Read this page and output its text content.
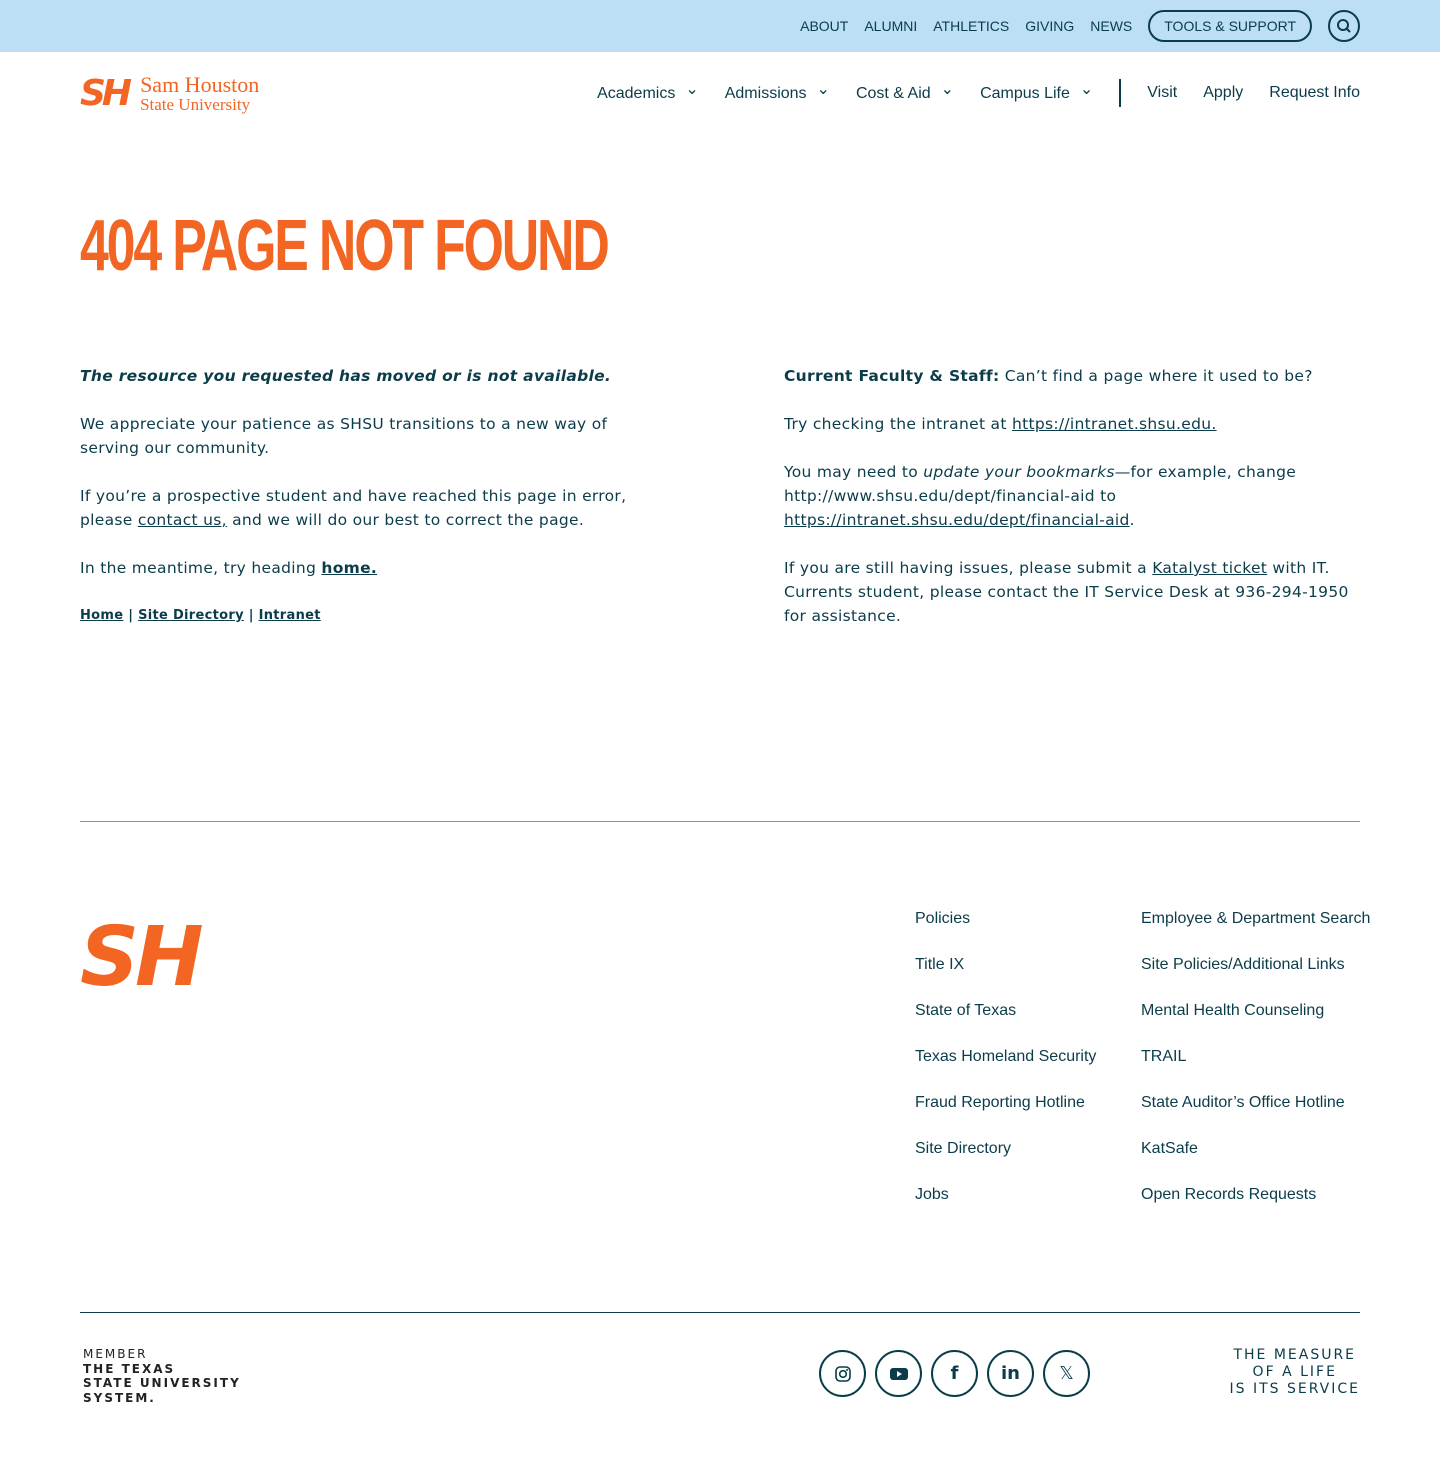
ABOUT ALUMNI ATHLETICS GIVING NEWS	TOOLS & SUPPORT
SH Sam Houston
State University
Academics ⌄	Admissions ⌄	Cost & Aid ⌄	Campus Life ⌄	Visit Apply Request Info
404 PAGE NOT FOUND

The resource you requested has moved or is not available.

We appreciate your patience as SHSU transitions to a new way of serving our community.

If you’re a prospective student and have reached this page in error, please contact us, and we will do our best to correct the page.

In the meantime, try heading home.

Home | Site Directory | Intranet

Current Faculty & Staff: Can’t find a page where it used to be?

Try checking the intranet at https://intranet.shsu.edu.

You may need to update your bookmarks—for example, change http://www.shsu.edu/dept/financial-aid to https://intranet.shsu.edu/dept/financial-aid.

If you are still having issues, please submit a Katalyst ticket with IT. Currents student, please contact the IT Service Desk at 936-294-1950 for assistance.

SH	Policies
Title IX
State of Texas
Texas Homeland Security
Fraud Reporting Hotline
Site Directory
Jobs
Employee & Department Search
Site Policies/Additional Links
Mental Health Counseling
TRAIL
State Auditor’s Office Hotline
KatSafe
Open Records Requests
MEMBER
THE TEXAS
STATE UNIVERSITY
SYSTEM.
f	in	𝕏
THE MEASURE
OF A LIFE
IS ITS SERVICE
